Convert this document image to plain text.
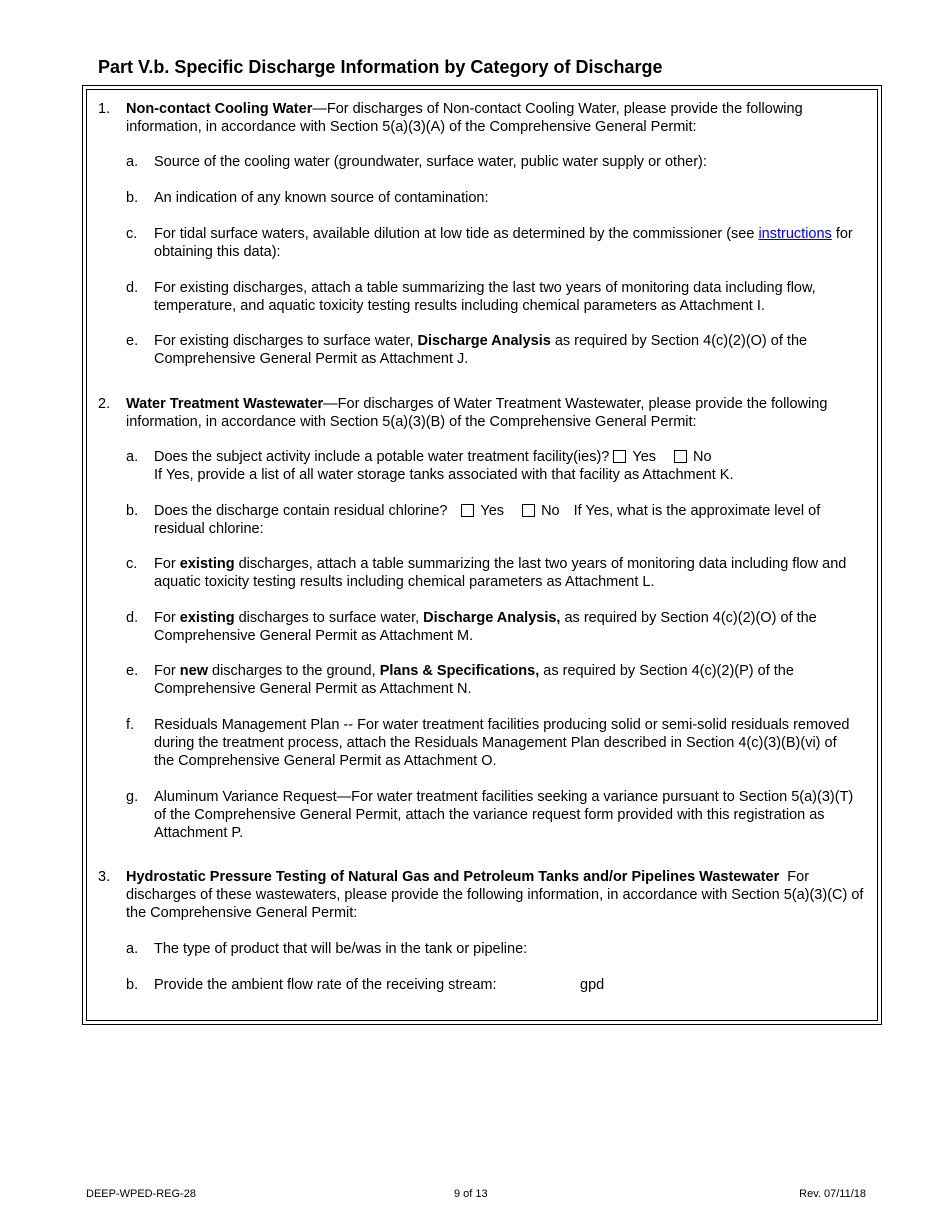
Part V.b. Specific Discharge Information by Category of Discharge
1. Non-contact Cooling Water—For discharges of Non-contact Cooling Water, please provide the following information, in accordance with Section 5(a)(3)(A) of the Comprehensive General Permit:
a. Source of the cooling water (groundwater, surface water, public water supply or other):
b. An indication of any known source of contamination:
c. For tidal surface waters, available dilution at low tide as determined by the commissioner (see instructions for obtaining this data):
d. For existing discharges, attach a table summarizing the last two years of monitoring data including flow, temperature, and aquatic toxicity testing results including chemical parameters as Attachment I.
e. For existing discharges to surface water, Discharge Analysis as required by Section 4(c)(2)(O) of the Comprehensive General Permit as Attachment J.
2. Water Treatment Wastewater—For discharges of Water Treatment Wastewater, please provide the following information, in accordance with Section 5(a)(3)(B) of the Comprehensive General Permit:
a. Does the subject activity include a potable water treatment facility(ies)? Yes	No
If Yes, provide a list of all water storage tanks associated with that facility as Attachment K.
b. Does the discharge contain residual chlorine? Yes	No If Yes, what is the approximate level of residual chlorine:
c. For existing discharges, attach a table summarizing the last two years of monitoring data including flow and aquatic toxicity testing results including chemical parameters as Attachment L.
d. For existing discharges to surface water, Discharge Analysis, as required by Section 4(c)(2)(O) of the Comprehensive General Permit as Attachment M.
e. For new discharges to the ground, Plans & Specifications, as required by Section 4(c)(2)(P) of the Comprehensive General Permit as Attachment N.
f. Residuals Management Plan -- For water treatment facilities producing solid or semi-solid residuals removed during the treatment process, attach the Residuals Management Plan described in Section 4(c)(3)(B)(vi) of the Comprehensive General Permit as Attachment O.
g. Aluminum Variance Request—For water treatment facilities seeking a variance pursuant to Section 5(a)(3)(T) of the Comprehensive General Permit, attach the variance request form provided with this registration as Attachment P.
3. Hydrostatic Pressure Testing of Natural Gas and Petroleum Tanks and/or Pipelines Wastewater  For discharges of these wastewaters, please provide the following information, in accordance with Section 5(a)(3)(C) of the Comprehensive General Permit:
a. The type of product that will be/was in the tank or pipeline:
b. Provide the ambient flow rate of the receiving stream:	gpd
DEEP-WPED-REG-28	9 of 13	Rev. 07/11/18
